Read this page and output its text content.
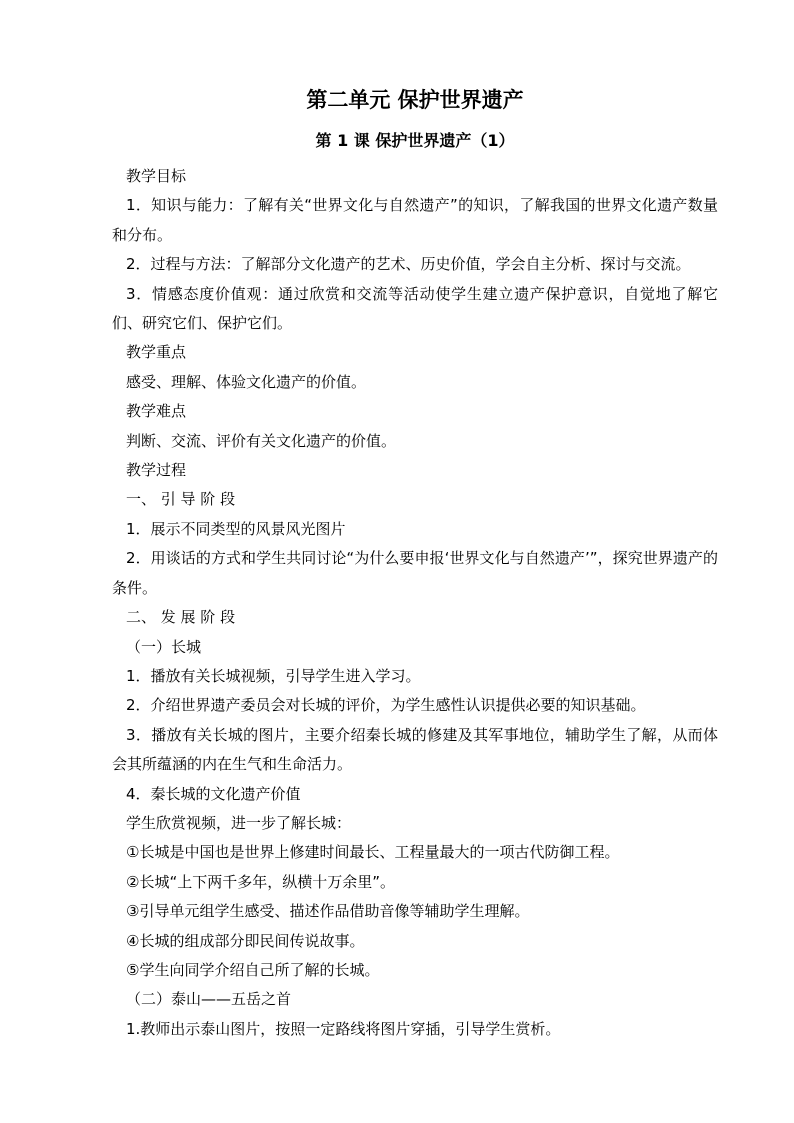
第二单元 保护世界遗产
第 1 课 保护世界遗产（1）

教学目标

1．知识与能力：了解有关“世界文化与自然遗产”的知识，了解我国的世界文化遗产数量和分布。

2．过程与方法：了解部分文化遗产的艺术、历史价值，学会自主分析、探讨与交流。

3．情感态度价值观：通过欣赏和交流等活动使学生建立遗产保护意识，自觉地了解它们、研究它们、保护它们。

教学重点

感受、理解、体验文化遗产的价值。

教学难点

判断、交流、评价有关文化遗产的价值。

教学过程

一、 引 导 阶 段

1．展示不同类型的风景风光图片

2．用谈话的方式和学生共同讨论“为什么要申报‘世界文化与自然遗产’”，探究世界遗产的条件。

二、 发 展 阶 段

（一）长城

1．播放有关长城视频，引导学生进入学习。

2．介绍世界遗产委员会对长城的评价，为学生感性认识提供必要的知识基础。

3．播放有关长城的图片，主要介绍秦长城的修建及其军事地位，辅助学生了解，从而体会其所蕴涵的内在生气和生命活力。

4．秦长城的文化遗产价值

学生欣赏视频，进一步了解长城：

①长城是中国也是世界上修建时间最长、工程量最大的一项古代防御工程。

②长城“上下两千多年，纵横十万余里”。

③引导单元组学生感受、描述作品借助音像等辅助学生理解。

④长城的组成部分即民间传说故事。

⑤学生向同学介绍自己所了解的长城。

（二）泰山——五岳之首

1.教师出示泰山图片，按照一定路线将图片穿插，引导学生赏析。
